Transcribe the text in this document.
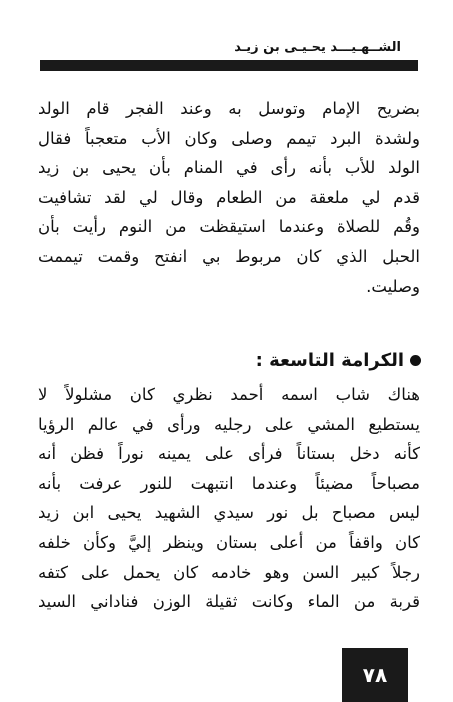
الشــهـيـــد يحـيـى بن زيـد
بضريح الإمام وتوسل به وعند الفجر قام الولد
ولشدة البرد تيمم وصلى وكان الأب متعجباً فقال
الولد للأب بأنه رأى في المنام بأن يحيى بن زيد
قدم لي ملعقة من الطعام وقال لي لقد تشافيت
وقُم للصلاة وعندما استيقظت من النوم رأيت بأن
الحبل الذي كان مربوط بي انفتح وقمت تيممت
وصليت.
الكرامة التاسعة :
هناك شاب اسمه أحمد نظري كان مشلولاً لا
يستطيع المشي على رجليه ورأى في عالم الرؤيا
كأنه دخل بستاناً فرأى على يمينه نوراً فظن أنه
مصباحاً مضيئاً وعندما انتبهت للنور عرفت بأنه
ليس مصباح بل نور سيدي الشهيد يحيى ابن زيد
كان واقفاً من أعلى بستان وينظر إليَّ وكأن خلفه
رجلاً كبير السن وهو خادمه كان يحمل على كتفه
قربة من الماء وكانت ثقيلة الوزن فناداني السيد
٧٨
